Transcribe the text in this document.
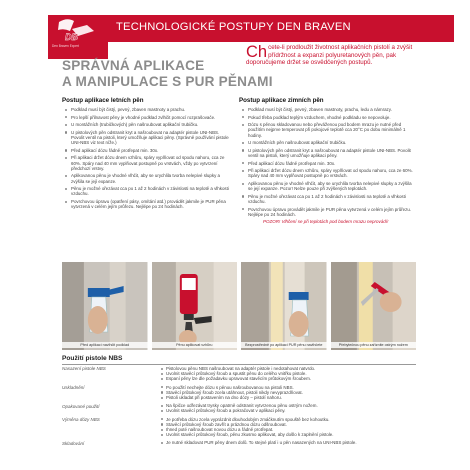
DB
Den Braven Expert
TECHNOLOGICKÉ POSTUPY DEN BRAVEN
SPRÁVNÁ APLIKACE
A MANIPULACE S PUR PĚNAMI
Ch cete-li prodloužit životnost aplikačních pistolí a zvýšit přídržnost a expanzi polyuretanových pěn, pak doporučujeme držet se osvědčených postupů.
Postup aplikace letních pěn
Podklad musí být čistý, pevný, zbaven mastnoty a prachu.
Pro lepší přilnavost pěny je vhodné podklad zvlhčit pomocí rozprašovače.
U montážních (trubičkových) pěn našroubovat aplikační trubičku.
U pistolových pěn odstranit kryt a našroubovat na adaptér pistole UNI-NBS. Povolit ventil na pistoli, který umožňuje aplikaci pěny. (Správně používání pistole UNI-NBS viz text níže.)
Před aplikací dózu řádně protřepat min. 30x.
Při aplikaci držet dózu dnem vzhůru, spáry vyplňovat od spodu nahoru, cca ze 60%. Spáry nad 40 mm vyplňovat postupně po vrstvách, vždy po vytvrzení předchozí vrstvy.
Aplikovanou pěnu je vhodné vlhčit, aby se urychlila tvorba nelepivé slupky a zvýšila se její expanze.
Pěnu je možné ořezávat cca po 1 až 2 hodinách v závislosti na teplotě a vlhkosti vzduchu.
Povrchovou úpravu (opatření pásy, omítání atd.) provádět jakmile je PUR pěna vytvrzená v celém jejím průřezu. Nejlépe po 24 hodinách.
Postup aplikace zimních pěn
Podklad musí být čistý, pevný, zbaven mastnoty, prachu, ledu a námrazy.
Pokud třeba podklad teplým vzduchem, vhodné podkladu se nepovoluje.
Dózu s pěnou skladovanou nebo převáženou pod bodem mrazu je nutné před použitím nejprve temperovat při pokojové teplotě cca 20°C po dobu minimálně 1 hodiny.
U montážních pěn našroubovat aplikační trubičku.
U pistolových pěn odstranit kryt a našroubovat na adaptér pistole UNI-NBS. Povolit ventil na pistoli, který umožňuje aplikaci pěny.
Před aplikací dózu řádně protřepat min. 30x.
Při aplikaci držet dózu dnem vzhůru, spáry vyplňovat od spodu nahoru, cca ze 60%. Spáry nad 40 mm vyplňovat postupně po vrstvách.
Aplikovanou pěnu je vhodné vlhčit, aby se urychlila tvorba nelepivé slupky a zvýšila se její expanze. Pozor! Nelze pouze při zvýšených teplotách.
Pěnu je možné ořezávat cca po 1 až 2 hodinách v závislosti na teplotě a vlhkosti vzduchu.
Povrchovou úpravu provádět jakmile je PUR pěna vytvrzená v celém jejím průřezu. Nejlépe po 24 hodinách.
POZOR! Vlhčení se při teplotách pod bodem mrazu neprovádí!
Před aplikací navlhčit podklad	Pěnu aplikovat vzhůru	Bezprostředně po aplikaci PUR pěnu navlhčete	Přebytečnou pěnu zaříznite ostrým nožem
Použití pistole NBS
Nasazení pistole NBS	Pistolovou pěnu NBS našroubovat na adaptér pistole i nedotahovat natvrdo.
Uvolnit stavěcí průtokový šroub a spustit pěnu do celého vnitřku pistole.
Espaní pěny lze dle požadavku upravovat stavěcím průtokovým šroubem.
Uskladnění	Po použití nechejte dózu s pěnou našroubovanou na pistoli NBS.
Stavěcí průtokový šroub zcela utáhnout, pistoli nikdy nevyprazdňovat.
Pistoli ukladat při postavením na dno dózy – pistolí nahoru.
Opakované použití	Na špičce odřezávat trysky opatrně odstranit vytvrzenou pěnu ostrým nožem.
Uvolnit stavěcí průtokový šroub a pokračovat v aplikaci pěny.
Výměna dózy NBS	Je potřeba dózu zcela vyprázdnit dlouhodobým zmáčknutím spouště bez kohoutku.
Stavěcí průtokový šroub zavřít a prázdnou dózu odšroubovat.
Ihned poté našroubovat novou dózu a řádně protřepat.
Uvolnit stavěcí průtokový šroub, pěnu zkusmo aplikovat, aby došlo k zaplnění pistole.
Skladování	Je nutné skladovat PUR pěny dnem dolů. To stejné platí i u pěn nasazených na UNI-NBS pistole.
